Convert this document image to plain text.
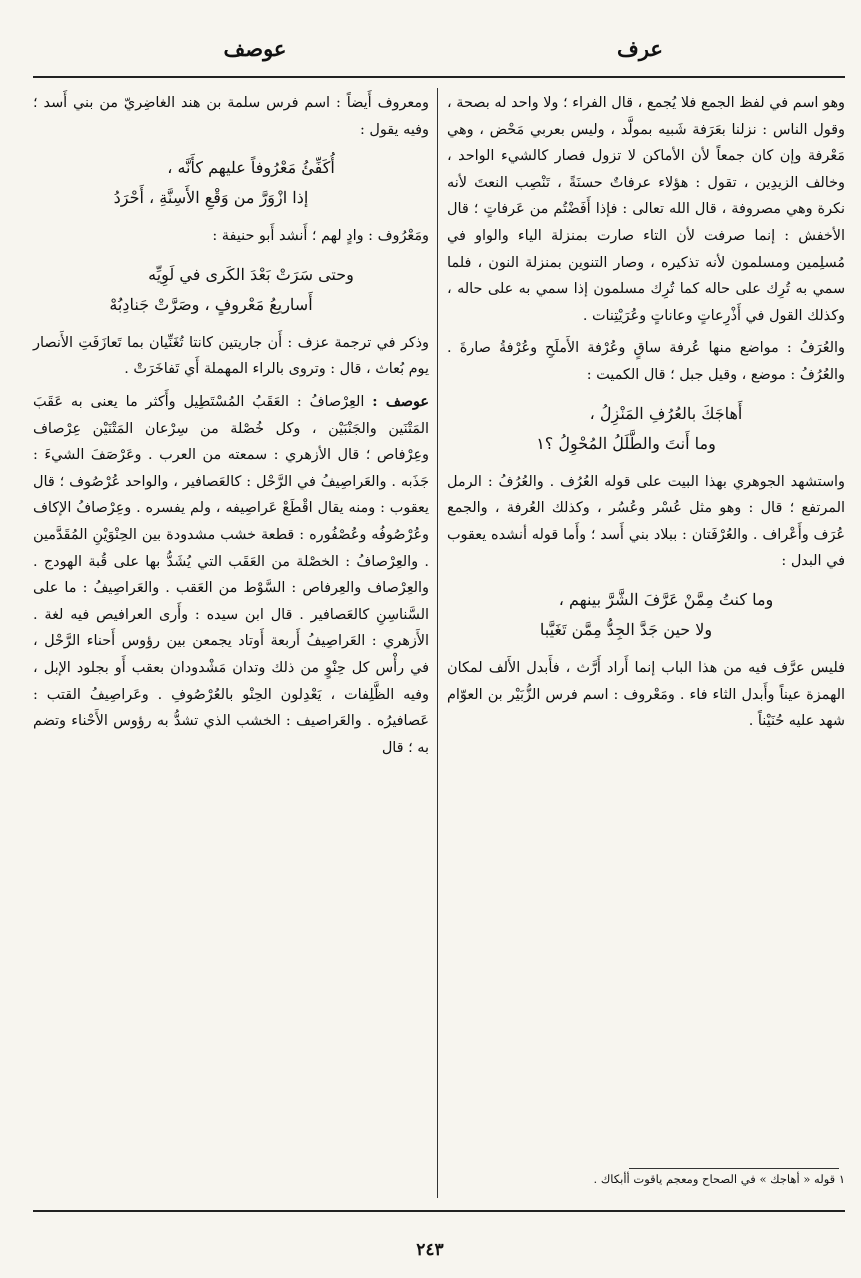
عرف
عوصف

وهو اسم في لفظ الجمع فلا يُجمع ، قال الفراء ؛ ولا واحد له بصحة ، وقول الناس : نزلنا بعَرَفة شَبيه بمولَّد ، وليس بعربي مَحْض ، وهي مَعْرفة وإن كان جمعاً لأن الأماكن لا تزول فصار كالشيء الواحد ، وخالف الزيدِين ، تقول : هؤلاء عرفاتٌ حسنَةً ، تَنْصِب النعتَ لأنه نكرة وهي مصروفة ، قال الله تعالى : فإذا أَفَضْتُم من عَرفاتٍ ؛ قال الأخفش : إنما صرفت لأن التاء صارت بمنزلة الياء والواو في مُسلِمين ومسلمون لأنه تذكيره ، وصار التنوين بمنزلة النون ، فلما سمي به تُرِك على حاله كما تُرِك مسلمون إذا سمي به على حاله ، وكذلك القول في أَذْرِعاتٍ وعاناتٍ وعُرَيْتِنات .

والعُرَفُ : مواضع منها عُرفة ساقٍ وعُرْفة الأَملَحِ وعُرْفةُ صارةَ . والعُرُفُ : موضع ، وقيل جبل ؛ قال الكميت :

أَهاجَكَ بالعُرُفِ المَنْزِلُ ،
وما أَنتَ والطَّلَلُ المُحْوِلُ ؟١

واستشهد الجوهري بهذا البيت على قوله العُرُف . والعُرُفُ : الرمل المرتفع ؛ قال : وهو مثل عُسْر وعُسُر ، وكذلك العُرفة ، والجمع عُرَف وأَعْراف . والعُرْفَتان : ببلاد بني أَسد ؛ وأَما قوله أنشده يعقوب في البدل :

وما كنتُ مِمَّنْ عَرَّفَ الشَّرَّ بينهم ،
ولا حين جَدَّ الجِدُّ مِمَّن تَغَيَّبا

فليس عرَّف فيه من هذا الباب إنما أَراد أَرَّث ، فأَبدل الأَلف لمكان الهمزة عيناً وأَبدل الثاء فاء . ومَعْروف : اسم فرس الزُّبَيْر بن العوّام شهد عليه حُنَيْناً .

ومعروف أَيضاً : اسم فرس سلمة بن هند الغاضِريّ من بني أَسد ؛ وفيه يقول :

أُكَفِّئُ مَعْرُوفاً عليهم كأَنَّه ،
إذا ازْوَرَّ من وَقْعِ الأَسِنَّةِ ، أَحْرَدُ

ومَعْرُوف : وادٍ لهم ؛ أَنشد أَبو حنيفة :

وحتى سَرَتْ بَعْدَ الكَرى في لَوِيِّه
أَساريعُ مَعْروفٍ ، وصَرَّتْ جَنادِبُهْ

وذكر في ترجمة عزف : أَن جاريتين كانتا تُغَنِّيان بما تَعازَفَتِ الأَنصار يوم بُعاث ، قال : وتروى بالراء المهملة أَي تَفاخَرَتْ .

عوصف : العِرْصافُ : العَقَبُ المُسْتَطِيل وأَكثر ما يعنى به عَقَبَ المَتْنَين والجَنْبَيْن ، وكل خُصْلة من سِرْعان المَتْنَيْن عِرْصاف وعِرْفاص ؛ قال الأزهري : سمعته من العرب . وعَرْصَفَ الشيءَ : جَذَبه . والعَراصِيفُ في الرَّحْل : كالعَصافير ، والواحد عُرْصُوف ؛ قال يعقوب : ومنه يقال اقْطَعْ عَراصِيفه ، ولم يفسره . وعِرْصافُ الإكاف وعُرْصُوفُه وعُصْفُوره : قطعة خشب مشدودة بين الحِنْوَيْنِ المُقَدَّمين . والعِرْصافُ : الخصْلة من العَقَب التي يُشَدُّ بها على قُبة الهودج . والعِرْصاف والعِرفاص : السَّوْط من العَقب . والعَراصِيفُ : ما على السَّناسِنِ كالعَصافير . قال ابن سيده : وأَرى العرافيص فيه لغة . الأَزهري : العَراصِيفُ أَربعة أَوتاد يجمعن بين رؤوس أَحناء الرَّحْل ، في رأْس كل حِنْوٍ من ذلك وتدان مَشْدودان بعقب أَو بجلود الإبل ، وفيه الظَّلِفات ، يَعْدِلون الحِنْو بالعُرْصُوفِ . وعَراصِيفُ القتب : عَصافيرُه . والعَراصيف : الخشب الذي تشدُّ به رؤوس الأَحْناء وتضم به ؛ قال

١ قوله « أهاجك » في الصحاح ومعجم ياقوت أأبكاك .
٢٤٣
